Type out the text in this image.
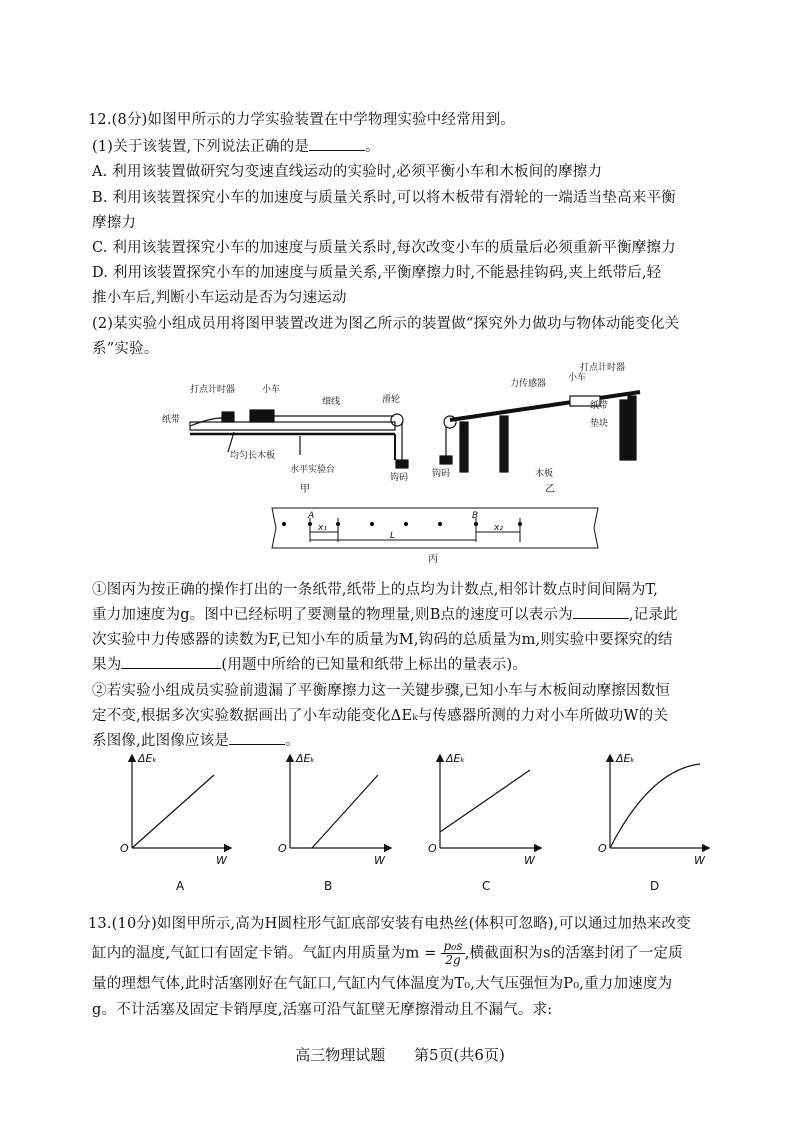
12.(8分)如图甲所示的力学实验装置在中学物理实验中经常用到。
(1)关于该装置,下列说法正确的是	。
A. 利用该装置做研究匀变速直线运动的实验时,必须平衡小车和木板间的摩擦力
B. 利用该装置探究小车的加速度与质量关系时,可以将木板带有滑轮的一端适当垫高来平衡
摩擦力
C. 利用该装置探究小车的加速度与质量关系时,每次改变小车的质量后必须重新平衡摩擦力
D. 利用该装置探究小车的加速度与质量关系,平衡摩擦力时,不能悬挂钩码,夹上纸带后,轻
推小车后,判断小车运动是否为匀速运动
(2)某实验小组成员用将图甲装置改进为图乙所示的装置做“探究外力做功与物体动能变化关
系”实验。
打点计时器	小车
纸带
细线	滑轮
均匀长木板
水平实验台
钩码
甲
力传感器
小车
打点计时器
纸带
垫块
钩码	木板
乙
A	B
x₁	x₂
L
丙
①图丙为按正确的操作打出的一条纸带,纸带上的点均为计数点,相邻计数点时间间隔为T,
重力加速度为g。图中已经标明了要测量的物理量,则B点的速度可以表示为	,记录此
次实验中力传感器的读数为F,已知小车的质量为M,钩码的总质量为m,则实验中要探究的结
果为	(用题中所给的已知量和纸带上标出的量表示)。
②若实验小组成员实验前遗漏了平衡摩擦力这一关键步骤,已知小车与木板间动摩擦因数恒
定不变,根据多次实验数据画出了小车动能变化ΔEₖ与传感器所测的力对小车所做功W的关
系图像,此图像应该是	。
ΔEₖ
O
W
A
ΔEₖ
O
W
B
ΔEₖ
O
W
C
ΔEₖ
O
W
D
13.(10分)如图甲所示,高为H圆柱形气缸底部安装有电热丝(体积可忽略),可以通过加热来改变
缸内的温度,气缸口有固定卡销。气缸内用质量为$m = \frac{\text{p₀s}}{2g}$ ,横截面积为s的活塞封闭了一定质
量的理想气体,此时活塞刚好在气缸口,气缸内气体温度为T₀,大气压强恒为P₀,重力加速度为
g。不计活塞及固定卡销厚度,活塞可沿气缸壁无摩擦滑动且不漏气。求:
高三物理试题 第5页(共6页)
